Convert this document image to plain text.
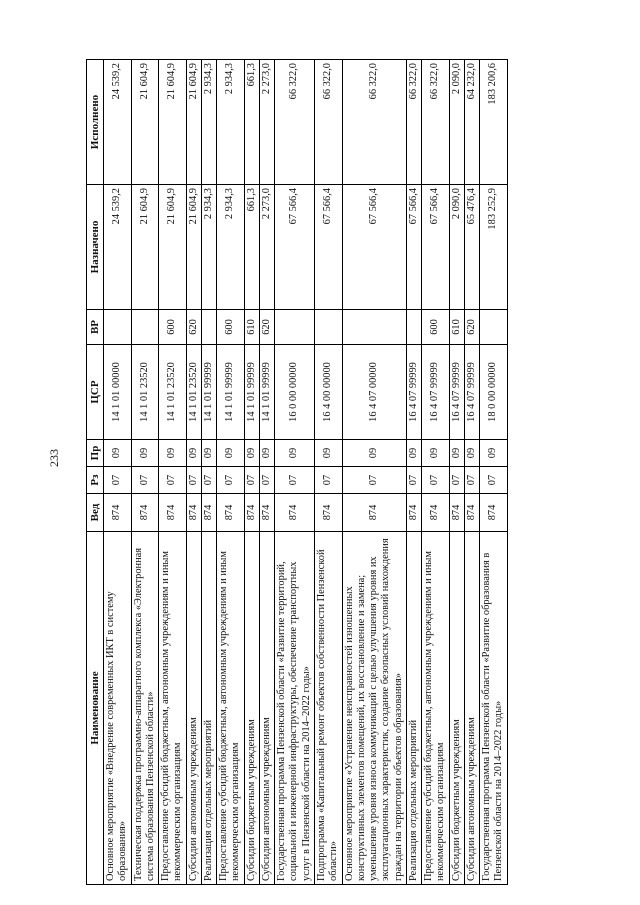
233
Наименование	Вед	Рз	Пр	ЦСР	ВР	Назначено	Исполнено
Основное мероприятие «Внедрение современных ИКТ в систему образования»	874	07	09	14 1 01 00000		24 539,2	24 539,2
Техническая поддержка программно-аппаратного комплекса «Электронная система образования Пензенской области»	874	07	09	14 1 01 23520		21 604,9	21 604,9
Предоставление субсидий бюджетным, автономным учреждениям и иным некоммерческим организациям	874	07	09	14 1 01 23520	600	21 604,9	21 604,9
Субсидии автономным учреждениям	874	07	09	14 1 01 23520	620	21 604,9	21 604,9
Реализация отдельных мероприятий	874	07	09	14 1 01 99999		2 934,3	2 934,3
Предоставление субсидий бюджетным, автономным учреждениям и иным некоммерческим организациям	874	07	09	14 1 01 99999	600	2 934,3	2 934,3
Субсидии бюджетным учреждениям	874	07	09	14 1 01 99999	610	661,3	661,3
Субсидии автономным учреждениям	874	07	09	14 1 01 99999	620	2 273,0	2 273,0
Государственная программа Пензенской области «Развитие территорий, социальной и инженерной инфраструктуры, обеспечение транспортных услуг в Пензенской области на 2014–2022 годы»	874	07	09	16 0 00 00000		67 566,4	66 322,0
Подпрограмма «Капитальный ремонт объектов собственности Пензенской области»	874	07	09	16 4 00 00000		67 566,4	66 322,0
Основное мероприятие «Устранение неисправностей изношенных конструктивных элементов помещений, их восстановление и замена; уменьшение уровня износа коммуникаций с целью улучшения уровня их эксплуатационных характеристик, создание безопасных условий нахождения граждан на территории объектов образования»	874	07	09	16 4 07 00000		67 566,4	66 322,0
Реализация отдельных мероприятий	874	07	09	16 4 07 99999		67 566,4	66 322,0
Предоставление субсидий бюджетным, автономным учреждениям и иным некоммерческим организациям	874	07	09	16 4 07 99999	600	67 566,4	66 322,0
Субсидии бюджетным учреждениям	874	07	09	16 4 07 99999	610	2 090,0	2 090,0
Субсидии автономным учреждениям	874	07	09	16 4 07 99999	620	65 476,4	64 232,0
Государственная программа Пензенской области «Развитие образования в Пензенской области на 2014–2022 годы»	874	07	09	18 0 00 00000		183 252,9	183 200,6
